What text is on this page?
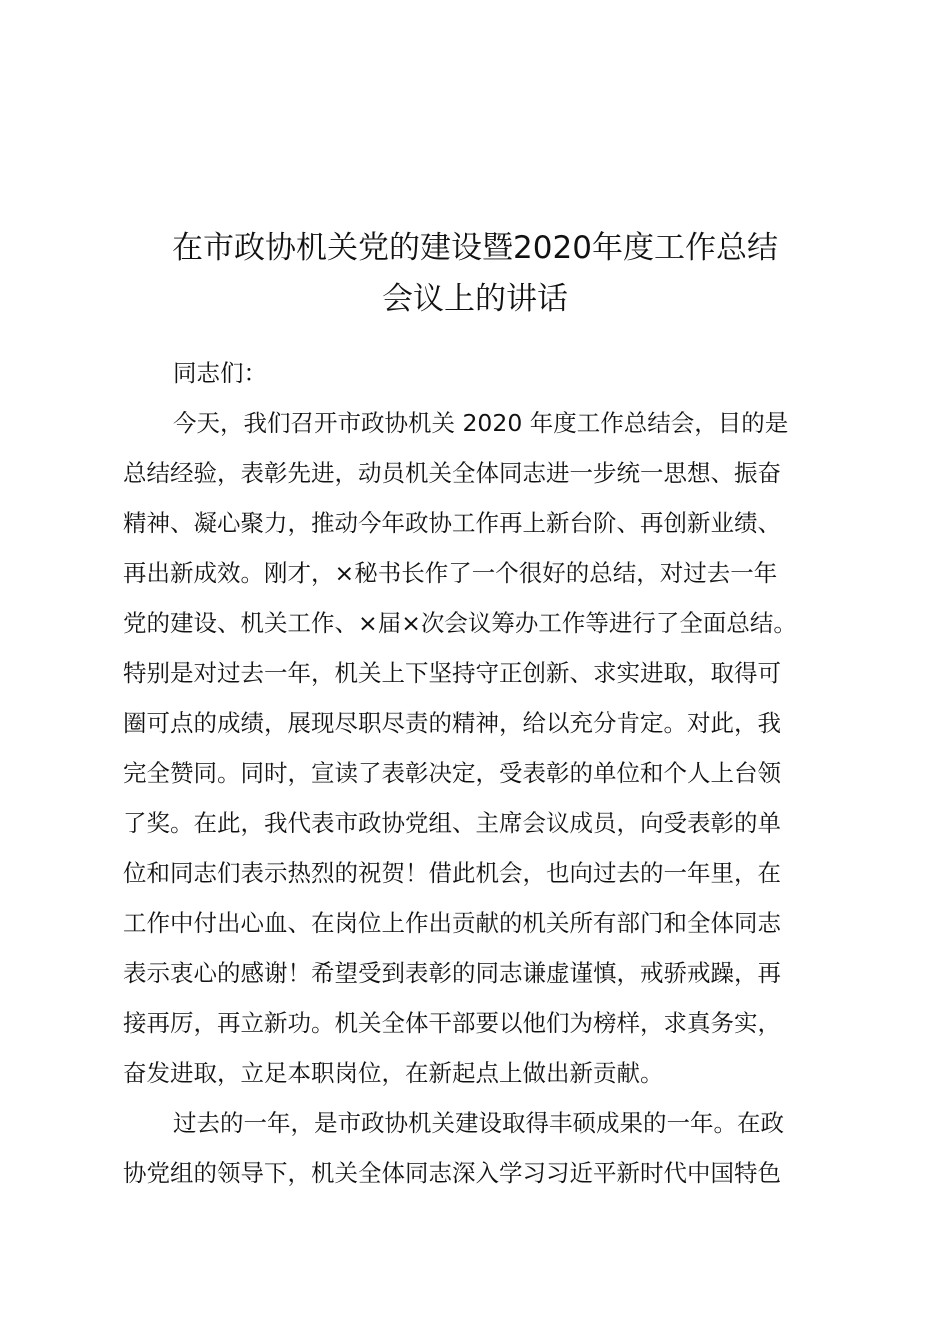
在市政协机关党的建设暨2020年度工作总结
会议上的讲话

同志们：

今天，我们召开市政协机关 2020 年度工作总结会，目的是

总结经验，表彰先进，动员机关全体同志进一步统一思想、振奋

精神、凝心聚力，推动今年政协工作再上新台阶、再创新业绩、

再出新成效。刚才，×秘书长作了一个很好的总结，对过去一年

党的建设、机关工作、×届×次会议筹办工作等进行了全面总结。

特别是对过去一年，机关上下坚持守正创新、求实进取，取得可

圈可点的成绩，展现尽职尽责的精神，给以充分肯定。对此，我

完全赞同。同时，宣读了表彰决定，受表彰的单位和个人上台领

了奖。在此，我代表市政协党组、主席会议成员，向受表彰的单

位和同志们表示热烈的祝贺！借此机会，也向过去的一年里，在

工作中付出心血、在岗位上作出贡献的机关所有部门和全体同志

表示衷心的感谢！希望受到表彰的同志谦虚谨慎，戒骄戒躁，再

接再厉，再立新功。机关全体干部要以他们为榜样，求真务实，

奋发进取，立足本职岗位，在新起点上做出新贡献。

过去的一年，是市政协机关建设取得丰硕成果的一年。在政

协党组的领导下，机关全体同志深入学习习近平新时代中国特色
